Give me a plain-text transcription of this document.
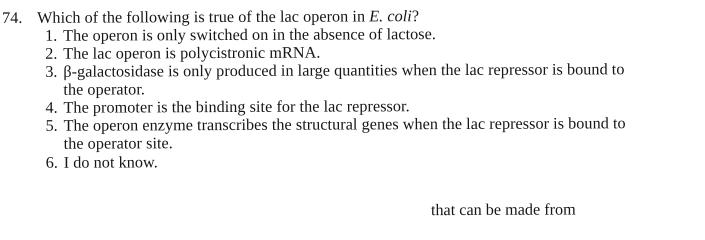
74. Which of the following is true of the lac operon in E. coli?
1. The operon is only switched on in the absence of lactose.
2. The lac operon is polycistronic mRNA.
3. β-galactosidase is only produced in large quantities when the lac repressor is bound to
the operator.
4. The promoter is the binding site for the lac repressor.
5. The operon enzyme transcribes the structural genes when the lac repressor is bound to
the operator site.
6. I do not know.
that can be made from
